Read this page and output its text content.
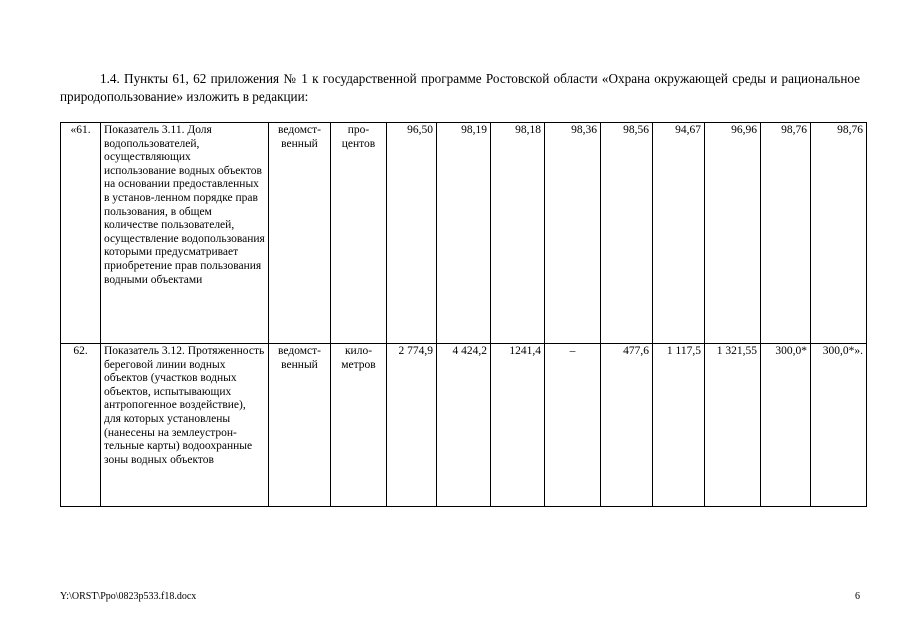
1.4. Пункты 61, 62 приложения № 1 к государственной программе Ростовской области «Охрана окружающей среды и рациональное природопользование» изложить в редакции:
«61.	Показатель 3.11. Доля водопользователей, осуществляющих использование водных объектов на основании предоставленных в установ-ленном порядке прав пользования, в общем количестве пользователей, осуществление водопользования которыми предусматривает приобретение прав пользования водными объектами	ведомст-венный	про-центов	96,50	98,19	98,18	98,36	98,56	94,67	96,96	98,76	98,76
62.	Показатель 3.12. Протяженность береговой линии водных объектов (участков водных объектов, испытывающих антропогенное воздействие), для которых установлены (нанесены на землеустрон-тельные карты) водоохранные зоны водных объектов	ведомст-венный	кило-метров	2 774,9	4 424,2	1241,4	–	477,6	1 117,5	1 321,55	300,0*	300,0*».
Y:\ORST\Ppo\0823p533.f18.docx	6
